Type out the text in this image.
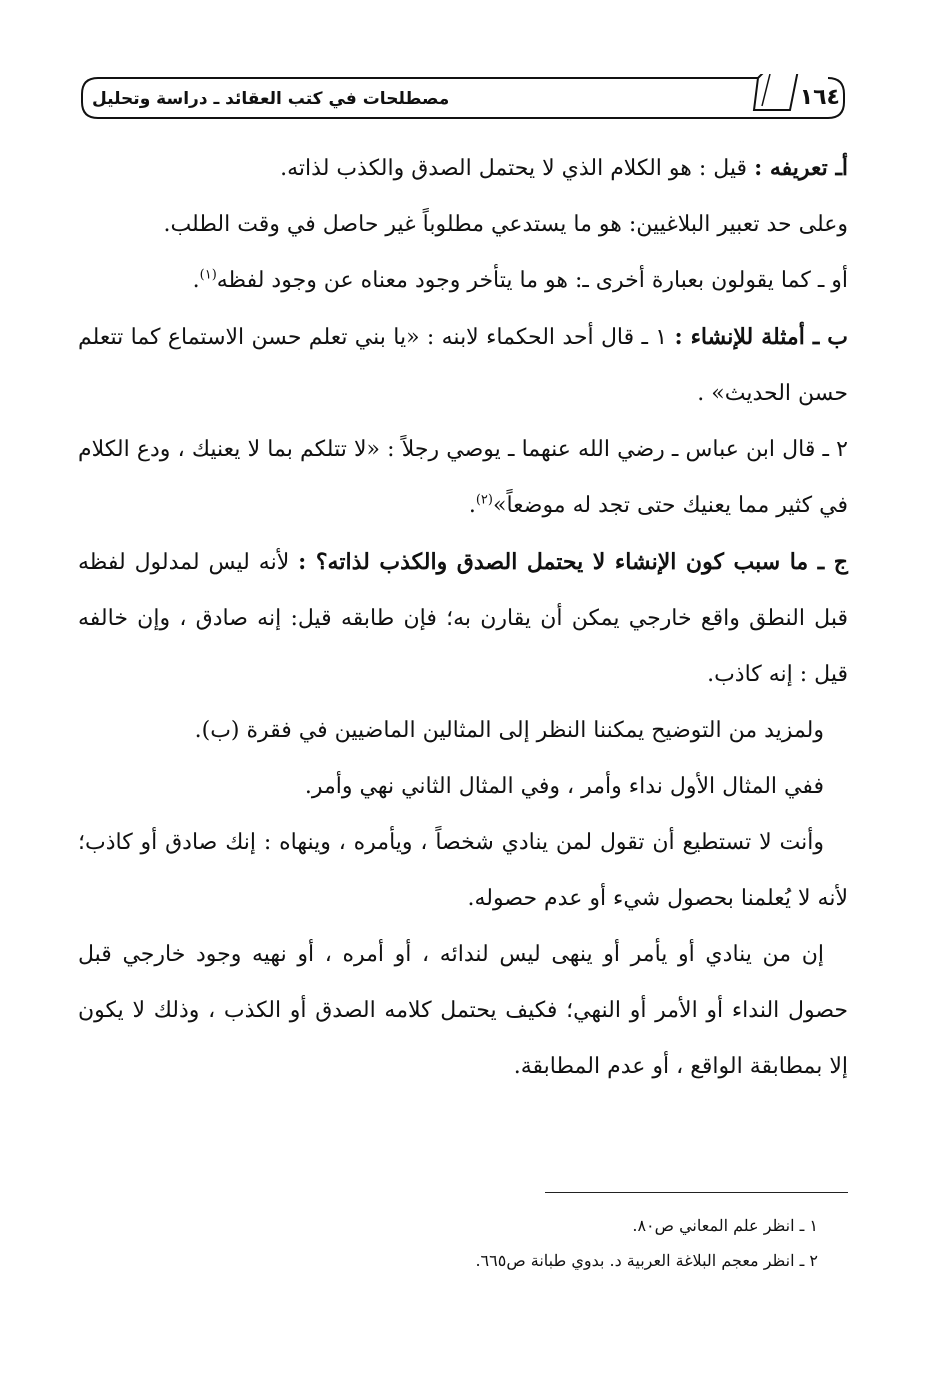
١٦٤
مصطلحات في كتب العقائد ـ دراسة وتحليل

أـ تعريفه : قيل : هو الكلام الذي لا يحتمل الصدق والكذب لذاته.

وعلى حد تعبير البلاغيين: هو ما يستدعي مطلوباً غير حاصل في وقت الطلب.

أو ـ كما يقولون بعبارة أخرى ـ: هو ما يتأخر وجود معناه عن وجود لفظه$^{(١)}$.

ب ـ أمثلة للإنشاء : ١ ـ قال أحد الحكماء لابنه : «يا بني تعلم حسن الاستماع كما تتعلم حسن الحديث» .

٢ ـ قال ابن عباس ـ رضي الله عنهما ـ يوصي رجلاً : «لا تتلكم بما لا يعنيك ، ودع الكلام في كثير مما يعنيك حتى تجد له موضعاً»$^{(٢)}$.

ج ـ ما سبب كون الإنشاء لا يحتمل الصدق والكذب لذاته؟ : لأنه ليس لمدلول لفظه قبل النطق واقع خارجي يمكن أن يقارن به؛ فإن طابقه قيل: إنه صادق ، وإن خالفه قيل : إنه كاذب.

ولمزيد من التوضيح يمكننا النظر إلى المثالين الماضيين في فقرة (ب).

ففي المثال الأول نداء وأمر ، وفي المثال الثاني نهي وأمر.

وأنت لا تستطيع أن تقول لمن ينادي شخصاً ، ويأمره ، وينهاه : إنك صادق أو كاذب؛ لأنه لا يُعلمنا بحصول شيء أو عدم حصوله.

إن من ينادي أو يأمر أو ينهى ليس لندائه ، أو أمره ، أو نهيه وجود خارجي قبل حصول النداء أو الأمر أو النهي؛ فكيف يحتمل كلامه الصدق أو الكذب ، وذلك لا يكون إلا بمطابقة الواقع ، أو عدم المطابقة.

١ ـ انظر علم المعاني ص٨٠.

٢ ـ انظر معجم البلاغة العربية د. بدوي طبانة ص٦٦٥.
